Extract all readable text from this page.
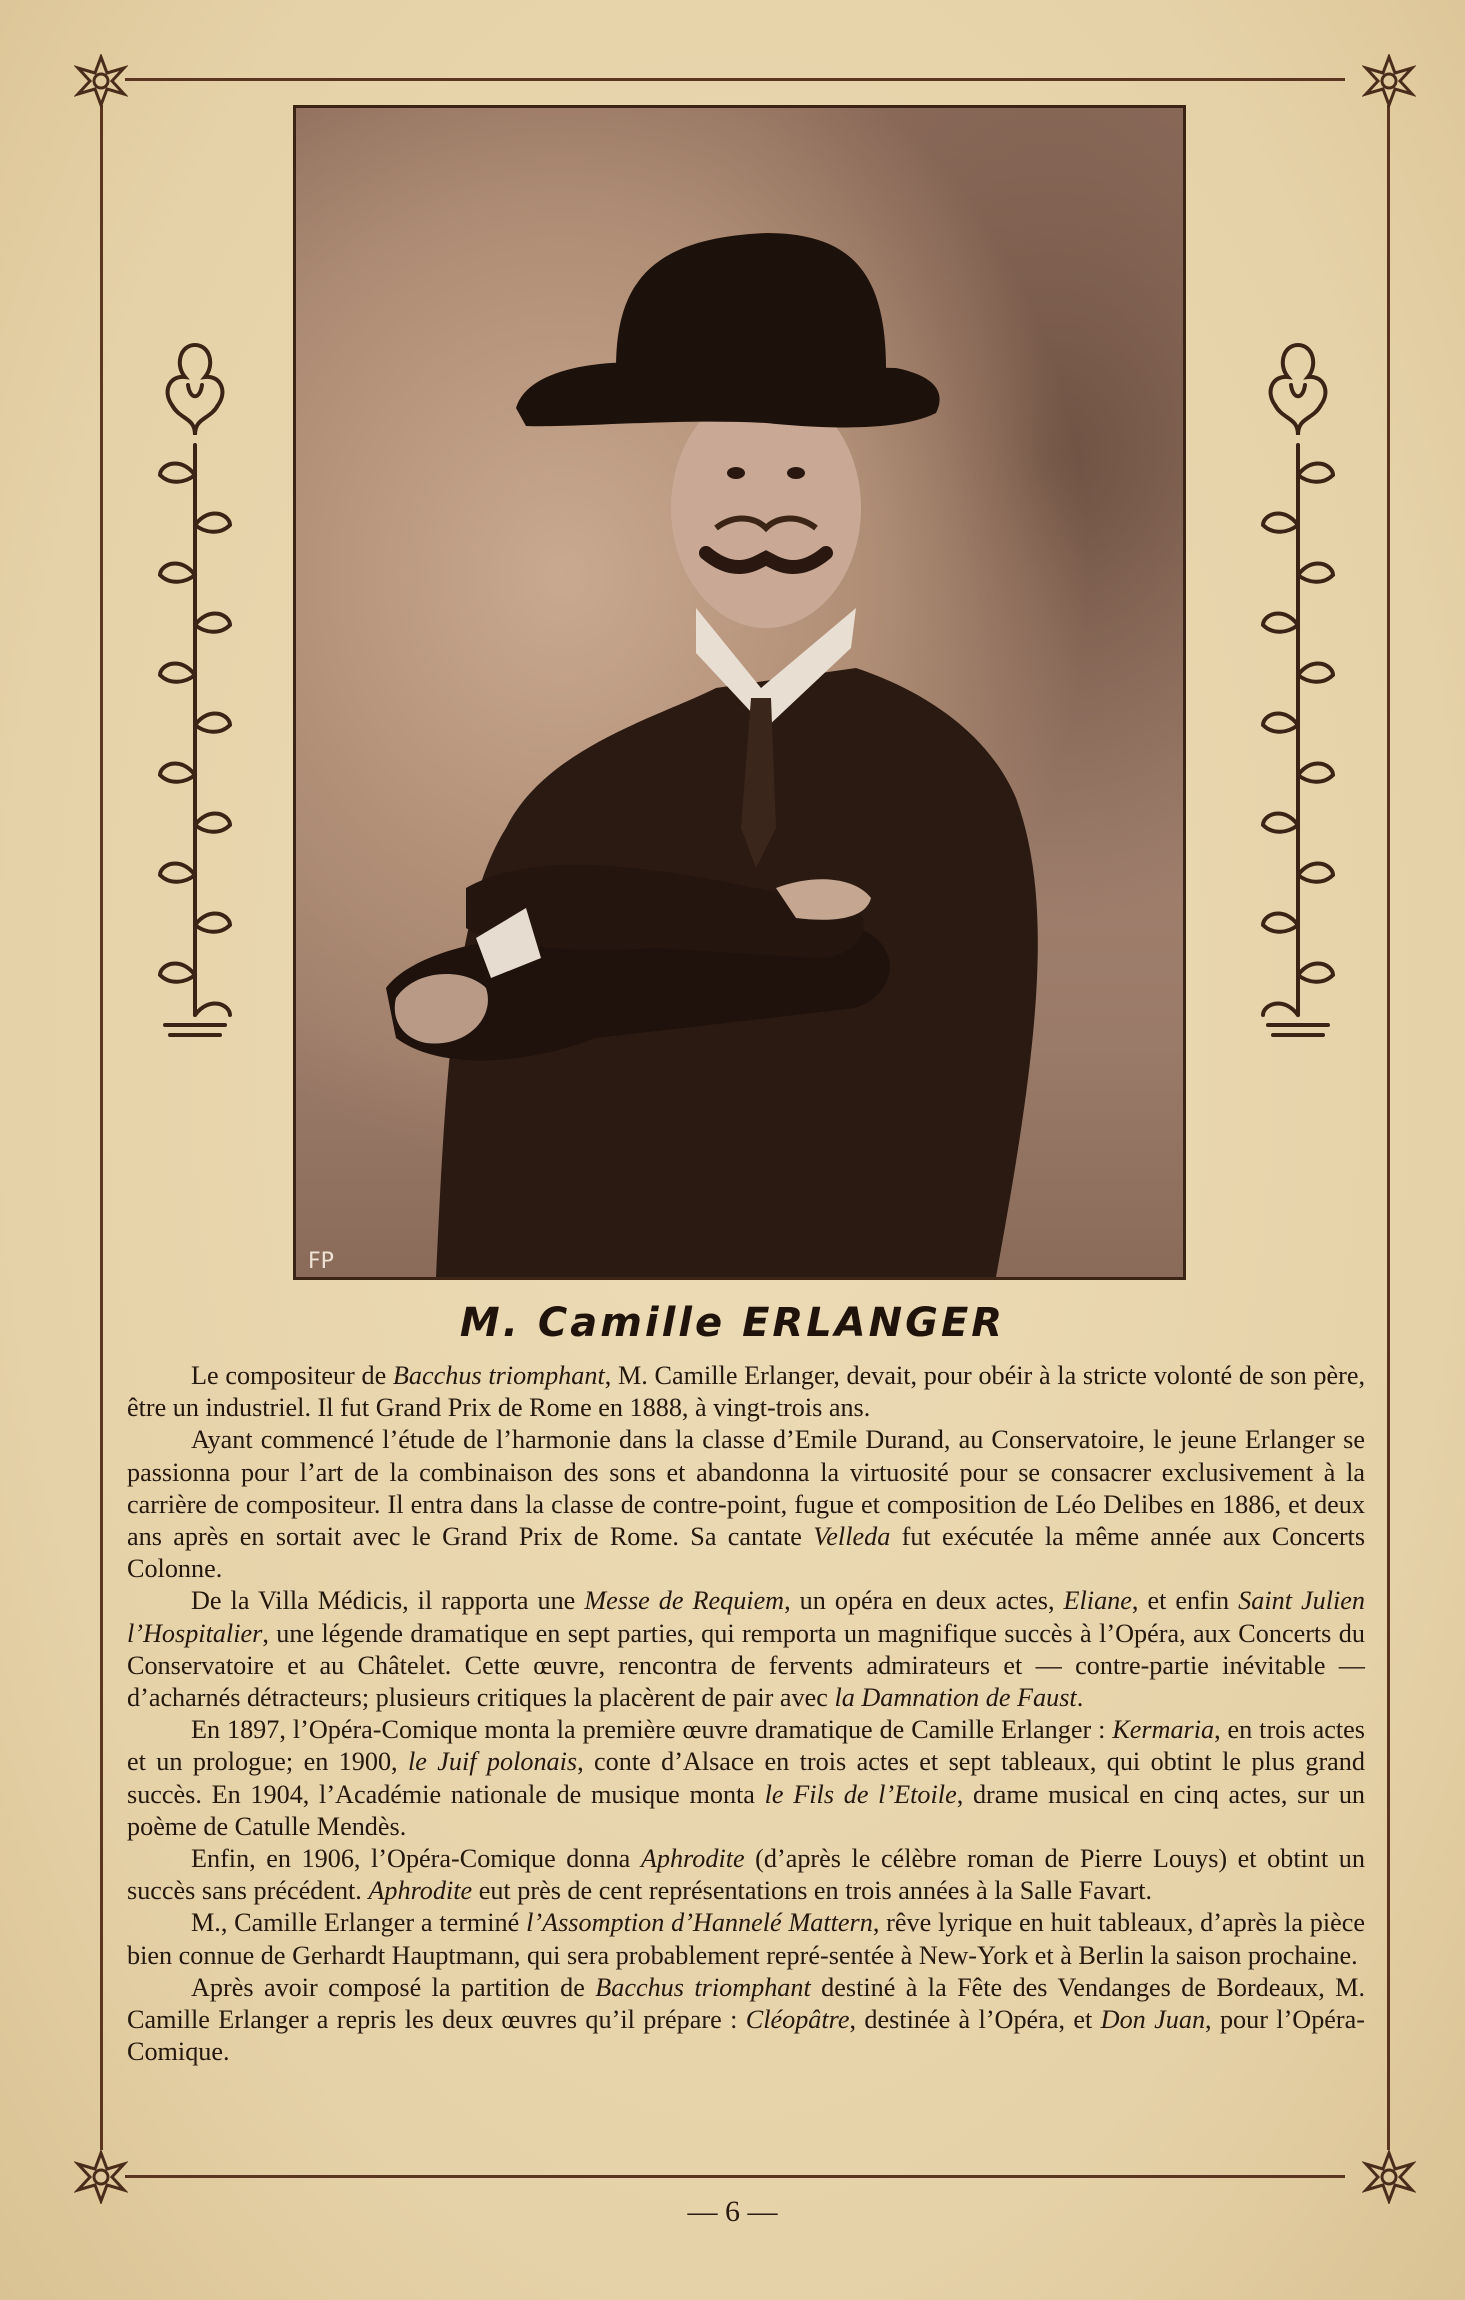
FP
M. Camille ERLANGER

Le compositeur de Bacchus triomphant, M. Camille Erlanger, devait, pour obéir à la stricte volonté de son père, être un industriel. Il fut Grand Prix de Rome en 1888, à vingt-trois ans.

Ayant commencé l’étude de l’harmonie dans la classe d’Emile Durand, au Conservatoire, le jeune Erlanger se passionna pour l’art de la combinaison des sons et abandonna la virtuosité pour se consacrer exclusivement à la carrière de compositeur. Il entra dans la classe de contre-point, fugue et composition de Léo Delibes en 1886, et deux ans après en sortait avec le Grand Prix de Rome. Sa cantate Velleda fut exécutée la même année aux Concerts Colonne.

De la Villa Médicis, il rapporta une Messe de Requiem, un opéra en deux actes, Eliane, et enfin Saint Julien l’Hospitalier, une légende dramatique en sept parties, qui remporta un magnifique succès à l’Opéra, aux Concerts du Conservatoire et au Châtelet. Cette œuvre, rencontra de fervents admirateurs et — contre-partie inévitable — d’acharnés détracteurs; plusieurs critiques la placèrent de pair avec la Damnation de Faust.

En 1897, l’Opéra-Comique monta la première œuvre dramatique de Camille Erlanger : Kermaria, en trois actes et un prologue; en 1900, le Juif polonais, conte d’Alsace en trois actes et sept tableaux, qui obtint le plus grand succès. En 1904, l’Académie nationale de musique monta le Fils de l’Etoile, drame musical en cinq actes, sur un poème de Catulle Mendès.

Enfin, en 1906, l’Opéra-Comique donna Aphrodite (d’après le célèbre roman de Pierre Louys) et obtint un succès sans précédent. Aphrodite eut près de cent représentations en trois années à la Salle Favart.

M., Camille Erlanger a terminé l’Assomption d’Hannelé Mattern, rêve lyrique en huit tableaux, d’après la pièce bien connue de Gerhardt Hauptmann, qui sera probablement repré-sentée à New-York et à Berlin la saison prochaine.

Après avoir composé la partition de Bacchus triomphant destiné à la Fête des Vendanges de Bordeaux, M. Camille Erlanger a repris les deux œuvres qu’il prépare : Cléopâtre, destinée à l’Opéra, et Don Juan, pour l’Opéra-Comique.

— 6 —
